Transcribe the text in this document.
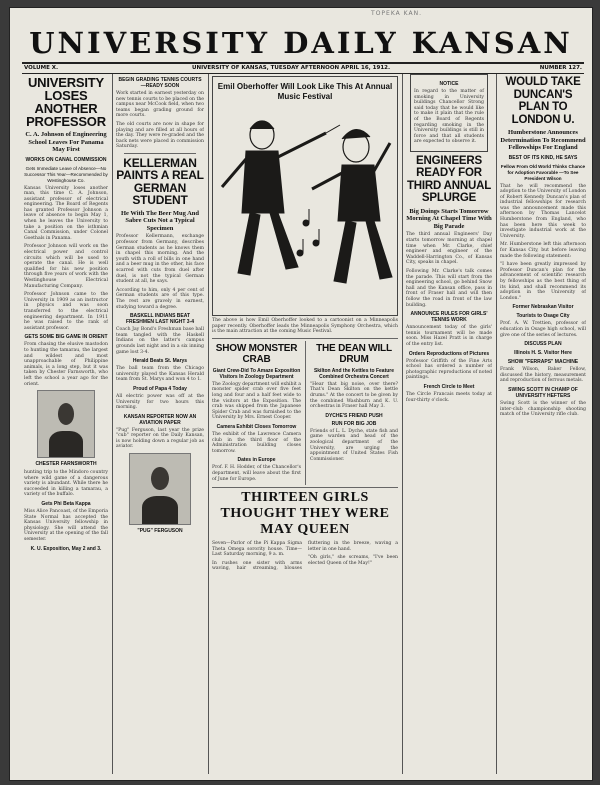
TOPEKA KAN.
UNIVERSITY DAILY KANSAN
VOLUME X.	UNIVERSITY OF KANSAS, TUESDAY AFTERNOON APRIL 16, 1912.	NUMBER 127.
UNIVERSITY LOSES ANOTHER PROFESSOR
C. A. Johnson of Engineering School Leaves For Panama May First
WORKS ON CANAL COMMISSION
Gets Immediate Leave of Absence—No Successor This Year—Recommended by Westinghouse Co.

Kansas University loses another man, this time C. A. Johnson, assistant professor of electrical engineering. The Board of Regents has granted Professor Johnson a leave of absence to begin May 1, when he leaves the University to take a position on the isthmian Canal Commission, under Colonel Goethals in Panama.

Professor Johnson will work on the electrical power and control circuits which will be used to operate the canal. He is well qualified for his new position through five years of work with the Westinghouse Electrical Manufacturing Company.

Professor Johnson came to the University in 1909 as an instructor in physics and was soon transferred to the electrical engineering department. In 1911 he was raised to the rank of assistant professor.

GETS SOME BIG GAME IN ORIENT

From chasing the elusive mastodon to hunting the tamarau, the largest and wildest and most unapproachable of Philippine animals, is a long step, but it was taken by Chester Farnsworth, who left the school a year ago for the orient.

CHESTER FARNSWORTH

hunting trip to the Mindoro country where wild game of a dangerous variety is abundant. While there he succeeded in killing a tamarau, a variety of the buffalo.

Gets Phi Beta Kappa

Miss Alice Pancoast, of the Emporia State Normal has accepted the Kansas University fellowship in physiology. She will attend the University at the opening of the fall semester.

K. U. Exposition, May 2 and 3.
BEGIN GRADING TENNIS COURTS—READY SOON

Work started in earnest yesterday on new tennis courts to be placed on the campus near McCook field, when two teams began grading ground for more courts.

The old courts are now in shape for playing and are filled at all hours of the day. They were re-graded and the back nets were placed in commission Saturday.

KELLERMAN PAINTS A REAL GERMAN STUDENT
He With The Beer Mug And Sabre Cuts Not a Typical Specimen

Professor Kellermann, exchange professor from Germany, describes German students as he knows them in chapel this morning. And the youth with a roll of bills in one hand and a beer mug in the other, his face scarred with cuts from duel after duel, is not the typical German student at all, he says.

According to him, only 4 per cent of German students are of this type. The rest are gravely in earnest, studying toward a degree.

BASKELL INDIANS BEAT FRESHMEN LAST NIGHT 3-4

Coach Jay Bond's Freshman base ball team tangled with the Haskell Indians on the latter's campus grounds last night and in a six inning game lost 3-4.

Herald Beats St. Marys

The ball team from the Chicago university played the Kansas Herald team from St. Marys and won 4 to 1.

Proud of Papa 4 Today

All electric power was off at the University for two hours this morning.

KANSAN REPORTER NOW AN AVIATION PAPER

"Pug" Ferguson, last year the prize "cub" reporter on the Daily Kansan, is now holding down a regular job as aviator.

"PUG" FERGUSON
Emil Oberhoffer Will Look Like This At Annual Music Festival

The above is how Emil Oberhoffer looked to a cartoonist on a Minneapolis paper recently. Oberhoffer leads the Minneapolis Symphony Orchestra, which is the main attraction at the coming Music Festival.

SHOW MONSTER CRAB
Giant Crew-Did To Amaze Exposition Visitors In Zoology Department

The Zoology department will exhibit a monster spider crab over five feet long and four and a half feet wide to the visitors at the Exposition. The crab was shipped from the Japanese Spider Crab and was furnished to the University by Mrs. Ernest Cooper.

Camera Exhibit Closes Tomorrow

The exhibit of the Lawrence Camera club in the third floor of the Administration building closes tomorrow.

Dates in Europe

Prof. F. H. Hodder, of the Chancellor's department, will leave about the first of June for Europe.

THE DEAN WILL DRUM
Skilton And the Kettles to Feature Combined Orchestra Concert

"Hear that big noise, over there? That's Dean Skilton on the kettle drums." At the concert to be given by the combined Washburn and K. U. orchestras in Fraser hall May 3.

DYCHE'S FRIEND PUSH
RUN FOR BIG JOB

Friends of L. L. Dyche, state fish and game warden and head of the zoological department of the University, are urging the appointment of United States Fish Commissioner.

THIRTEEN GIRLS THOUGHT THEY WERE MAY QUEEN

Seven—Parlor of the Pi Kappa Sigma Theta Omega sorority house. Time—Last Saturday morning, 9 a. m.

In rushes one sister with arms waving, hair streaming, blouses fluttering in the breeze, waving a letter in one hand.

"Oh girls," she screams, "I've been elected Queen of the May!"

NOTICE

In regard to the matter of smoking in University buildings Chancellor Strong said today that he would like to make it plain that the rule of the Board of Regents regarding smoking in the University buildings is still in force and that all students are expected to observe it.

ENGINEERS READY FOR THIRD ANNUAL SPLURGE
Big Doings Starts Tomorrow Morning At Chapel Time With Big Parade

The third annual Engineers' Day starts tomorrow morning at chapel time when Mr. Clarke, chief engineer and engineer of the Waddell-Harrington Co., of Kansas City, speaks in chapel.

Following Mr. Clarke's talk comes the parade. This will start from the engineering school, go behind Snow hall and the Kansan office, pass in front of Fraser hall and will then follow the road in front of the law building.

ANNOUNCE RULES FOR GIRLS' TENNIS WORK

Announcement today of the girls' tennis tournament will be made soon. Miss Hazel Pratt is in charge of the entry list.

Orders Reproductions of Pictures

Professor Griffith of the Fine Arts school has ordered a number of photographic reproductions of noted paintings.

French Circle to Meet

The Circle Francais meets today at four-thirty o'clock.

WOULD TAKE DUNCAN'S PLAN TO LONDON U.
Humberstone Announces Determination To Recommend Fellowships For England
BEST OF ITS KIND, HE SAYS
Fellow From Old World Thinks Chance for Adoption Favorable —To See President Wilson

That he will recommend the adoption to the University of London of Robert Kennedy Duncan's plan of industrial fellowships for research was the announcement made this afternoon by Thomas Lancelot Humberstone from England, who has been here this week to investigate industrial work at the University.

Mr. Humberstone left this afternoon for Kansas City, but before leaving made the following statement:

"I have been greatly impressed by Professor Duncan's plan for the advancement of scientific research by fellowships as the best thing of its kind, and shall recommend its adoption in the University of London."

Former Nebraskan Visitor
Tourists to Osage City

Prof. A. W. Trettien, professor of education in Osage high school, will give one of the series of lectures.

DISCUSS PLAN
Illinois H. S. Visitor Here
SHOW "FERRAPS" MACHINE

Frank Wilson, Baker Fellow, discussed the history, measurement and reproduction of ferrous metals.

SWING SCOTT IN CHAMP OF UNIVERSITY HEFTERS

Swing Scott is the winner of the inter-club championship shooting match of the University rifle club.
